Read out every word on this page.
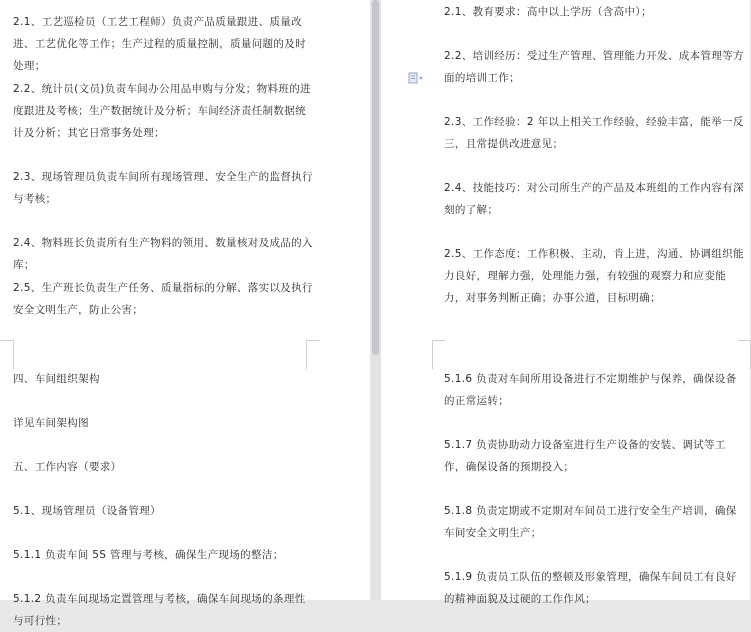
2.1、工艺巡检员（工艺工程师）负责产品质量跟进、质量改进、工艺优化等工作；生产过程的质量控制，质量问题的及时处理；

2.2、统计员(文员)负责车间办公用品申购与分发；物料班的进度跟进及考核；生产数据统计及分析；车间经济责任制数据统计及分析；其它日常事务处理；

2.3、现场管理员负责车间所有现场管理、安全生产的监督执行与考核；

2.4、物料班长负责所有生产物料的领用、数量核对及成品的入库；

2.5、生产班长负责生产任务、质量指标的分解、落实以及执行安全文明生产，防止公害；

四、车间组织架构

详见车间架构图

五、工作内容（要求）

5.1、现场管理员（设备管理）

5.1.1 负责车间 5S 管理与考核，确保生产现场的整洁；

5.1.2 负责车间现场定置管理与考核，确保车间现场的条理性与可行性；

2.1、教育要求：高中以上学历（含高中）；

2.2、培训经历：受过生产管理、管理能力开发、成本管理等方面的培训工作；

2.3、工作经验：2 年以上相关工作经验，经验丰富，能举一反三，且常提供改进意见；

2.4、技能技巧：对公司所生产的产品及本班组的工作内容有深刻的了解；

2.5、工作态度：工作积极、主动，肯上进，沟通、协调组织能力良好，理解力强，处理能力强，有较强的观察力和应变能力，对事务判断正确；办事公道，目标明确；

5.1.6 负责对车间所用设备进行不定期维护与保养，确保设备的正常运转；

5.1.7 负责协助动力设备室进行生产设备的安装、调试等工作，确保设备的预期投入；

5.1.8 负责定期或不定期对车间员工进行安全生产培训，确保车间安全文明生产；

5.1.9 负责员工队伍的整顿及形象管理，确保车间员工有良好的精神面貌及过硬的工作作风；
